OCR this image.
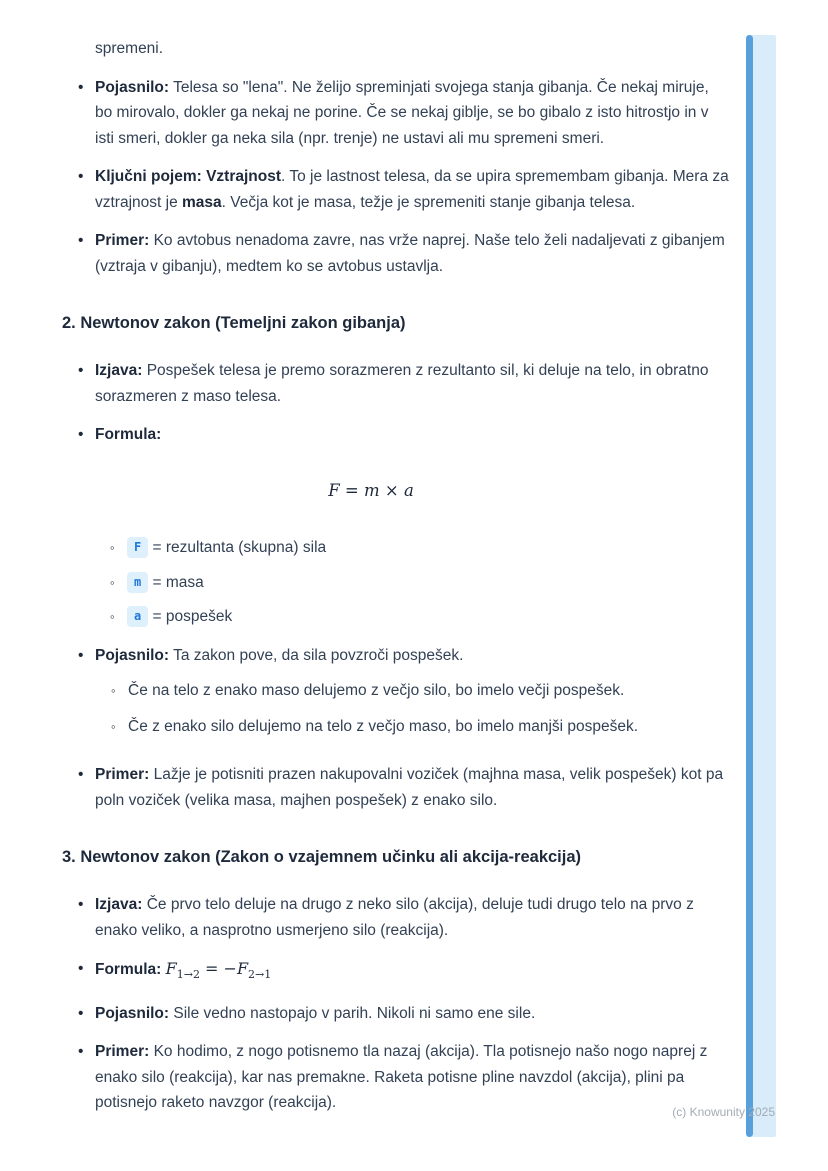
spremeni.

• Pojasnilo: Telesa so "lena". Ne želijo spreminjati svojega stanja gibanja. Če nekaj miruje, bo mirovalo, dokler ga nekaj ne porine. Če se nekaj giblje, se bo gibalo z isto hitrostjo in v isti smeri, dokler ga neka sila (npr. trenje) ne ustavi ali mu spremeni smeri.
• Ključni pojem: Vztrajnost. To je lastnost telesa, da se upira spremembam gibanja. Mera za vztrajnost je masa. Večja kot je masa, težje je spremeniti stanje gibanja telesa.
• Primer: Ko avtobus nenadoma zavre, nas vrže naprej. Naše telo želi nadaljevati z gibanjem (vztraja v gibanju), medtem ko se avtobus ustavlja.
2. Newtonov zakon (Temeljni zakon gibanja)
• Izjava: Pospešek telesa je premo sorazmeren z rezultanto sil, ki deluje na telo, in obratno sorazmeren z maso telesa.
• Formula:
F = m × a
◦	F = rezultanta (skupna) sila
◦	m = masa
◦	a = pospešek
• Pojasnilo: Ta zakon pove, da sila povzroči pospešek.
◦ Če na telo z enako maso delujemo z večjo silo, bo imelo večji pospešek.
◦ Če z enako silo delujemo na telo z večjo maso, bo imelo manjši pospešek.
• Primer: Lažje je potisniti prazen nakupovalni voziček (majhna masa, velik pospešek) kot pa poln voziček (velika masa, majhen pospešek) z enako silo.
3. Newtonov zakon (Zakon o vzajemnem učinku ali akcija-reakcija)
• Izjava: Če prvo telo deluje na drugo z neko silo (akcija), deluje tudi drugo telo na prvo z enako veliko, a nasprotno usmerjeno silo (reakcija).
• Formula: $F_{1\to 2} = -F_{2\to 1}$
• Pojasnilo: Sile vedno nastopajo v parih. Nikoli ni samo ene sile.
• Primer: Ko hodimo, z nogo potisnemo tla nazaj (akcija). Tla potisnejo našo nogo naprej z enako silo (reakcija), kar nas premakne. Raketa potisne pline navzdol (akcija), plini pa potisnejo raketo navzgor (reakcija).
(c) Knowunity 2025
